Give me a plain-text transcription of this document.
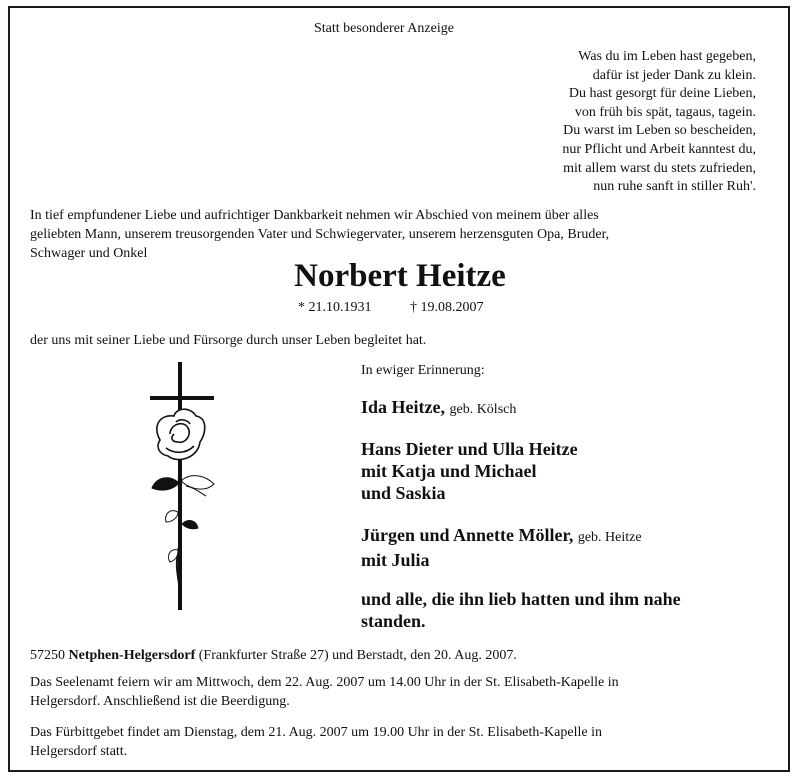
Statt besonderer Anzeige
Was du im Leben hast gegeben,
dafür ist jeder Dank zu klein.
Du hast gesorgt für deine Lieben,
von früh bis spät, tagaus, tagein.
Du warst im Leben so bescheiden,
nur Pflicht und Arbeit kanntest du,
mit allem warst du stets zufrieden,
nun ruhe sanft in stiller Ruh'.
In tief empfundener Liebe und aufrichtiger Dankbarkeit nehmen wir Abschied von meinem über alles
geliebten Mann, unserem treusorgenden Vater und Schwiegervater, unserem herzensguten Opa, Bruder,
Schwager und Onkel
Norbert Heitze
* 21.10.1931	† 19.08.2007
der uns mit seiner Liebe und Fürsorge durch unser Leben begleitet hat.
In ewiger Erinnerung:
Ida Heitze, geb. Kölsch
Hans Dieter und Ulla Heitze
mit Katja und Michael
und Saskia
Jürgen und Annette Möller, geb. Heitze
mit Julia
und alle, die ihn lieb hatten und ihm nahe
standen.
57250 Netphen-Helgersdorf (Frankfurter Straße 27) und Berstadt, den 20. Aug. 2007.
Das Seelenamt feiern wir am Mittwoch, dem 22. Aug. 2007 um 14.00 Uhr in der St. Elisabeth-Kapelle in
Helgersdorf. Anschließend ist die Beerdigung.
Das Fürbittgebet findet am Dienstag, dem 21. Aug. 2007 um 19.00 Uhr in der St. Elisabeth-Kapelle in
Helgersdorf statt.
